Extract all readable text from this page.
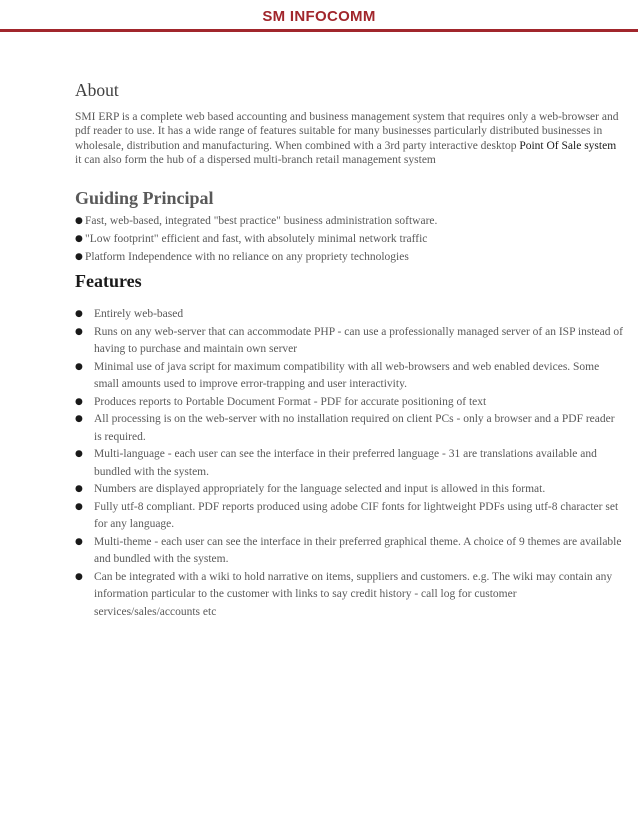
SM INFOCOMM
About

SMI ERP is a complete web based accounting and business management system that requires only a web-browser and pdf reader to use. It has a wide range of features suitable for many businesses particularly distributed businesses in wholesale, distribution and manufacturing. When combined with a 3rd party interactive desktop Point Of Sale system it can also form the hub of a dispersed multi-branch retail management system

Guiding Principal
● Fast, web-based, integrated "best practice" business administration software.
● "Low footprint" efficient and fast, with absolutely minimal network traffic
● Platform Independence with no reliance on any propriety technologies
Features
● Entirely web-based
● Runs on any web-server that can accommodate PHP - can use a professionally managed server of an ISP instead of having to purchase and maintain own server
● Minimal use of java script for maximum compatibility with all web-browsers and web enabled devices. Some small amounts used to improve error-trapping and user interactivity.
● Produces reports to Portable Document Format - PDF for accurate positioning of text
● All processing is on the web-server with no installation required on client PCs - only a browser and a PDF reader is required.
● Multi-language - each user can see the interface in their preferred language - 31 are translations available and bundled with the system.
● Numbers are displayed appropriately for the language selected and input is allowed in this format.
● Fully utf-8 compliant. PDF reports produced using adobe CIF fonts for lightweight PDFs using utf-8 character set for any language.
● Multi-theme - each user can see the interface in their preferred graphical theme. A choice of 9 themes are available and bundled with the system.
● Can be integrated with a wiki to hold narrative on items, suppliers and customers. e.g. The wiki may contain any information particular to the customer with links to say credit history - call log for customer services/sales/accounts etc
